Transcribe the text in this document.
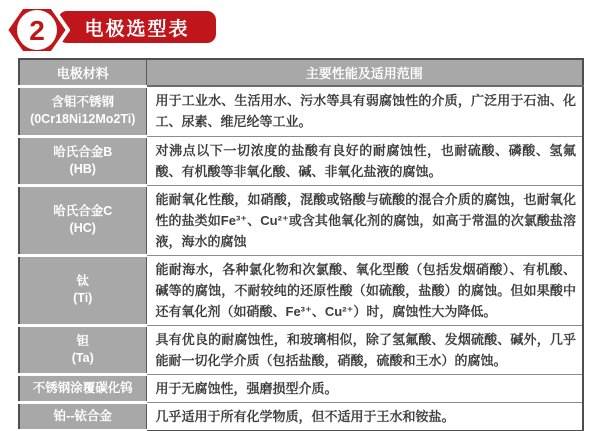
电极选型表
2
电极材料	主要性能及适用范围
含钼不锈钢
(0Cr18Ni12Mo2Ti)	用于工业水、生活用水、污水等具有弱腐蚀性的介质，广泛用于石油、化工、尿素、维尼纶等工业。
哈氏合金B
(HB)	对沸点以下一切浓度的盐酸有良好的耐腐蚀性，也耐硫酸、磷酸、氢氟酸、有机酸等非氧化酸、碱、非氧化盐液的腐蚀。
哈氏合金C
(HC)	能耐氧化性酸，如硝酸，混酸或铬酸与硫酸的混合介质的腐蚀，也耐氧化性的盐类如Fe³⁺、Cu²⁺或含其他氧化剂的腐蚀，如高于常温的次氯酸盐溶液，海水的腐蚀
钛
(Ti)	能耐海水，各种氯化物和次氯酸、氧化型酸（包括发烟硝酸）、有机酸、碱等的腐蚀，不耐较纯的还原性酸（如硫酸，盐酸）的腐蚀。但如果酸中还有氧化剂（如硝酸、Fe³⁺、Cu²⁺）时，腐蚀性大为降低。
钽
(Ta)	具有优良的耐腐蚀性，和玻璃相似，除了氢氟酸、发烟硫酸、碱外，几乎能耐一切化学介质（包括盐酸，硝酸，硫酸和王水）的腐蚀。
不锈钢涂覆碳化钨	用于无腐蚀性，强磨损型介质。
铂--铱合金	几乎适用于所有化学物质，但不适用于王水和铵盐。
